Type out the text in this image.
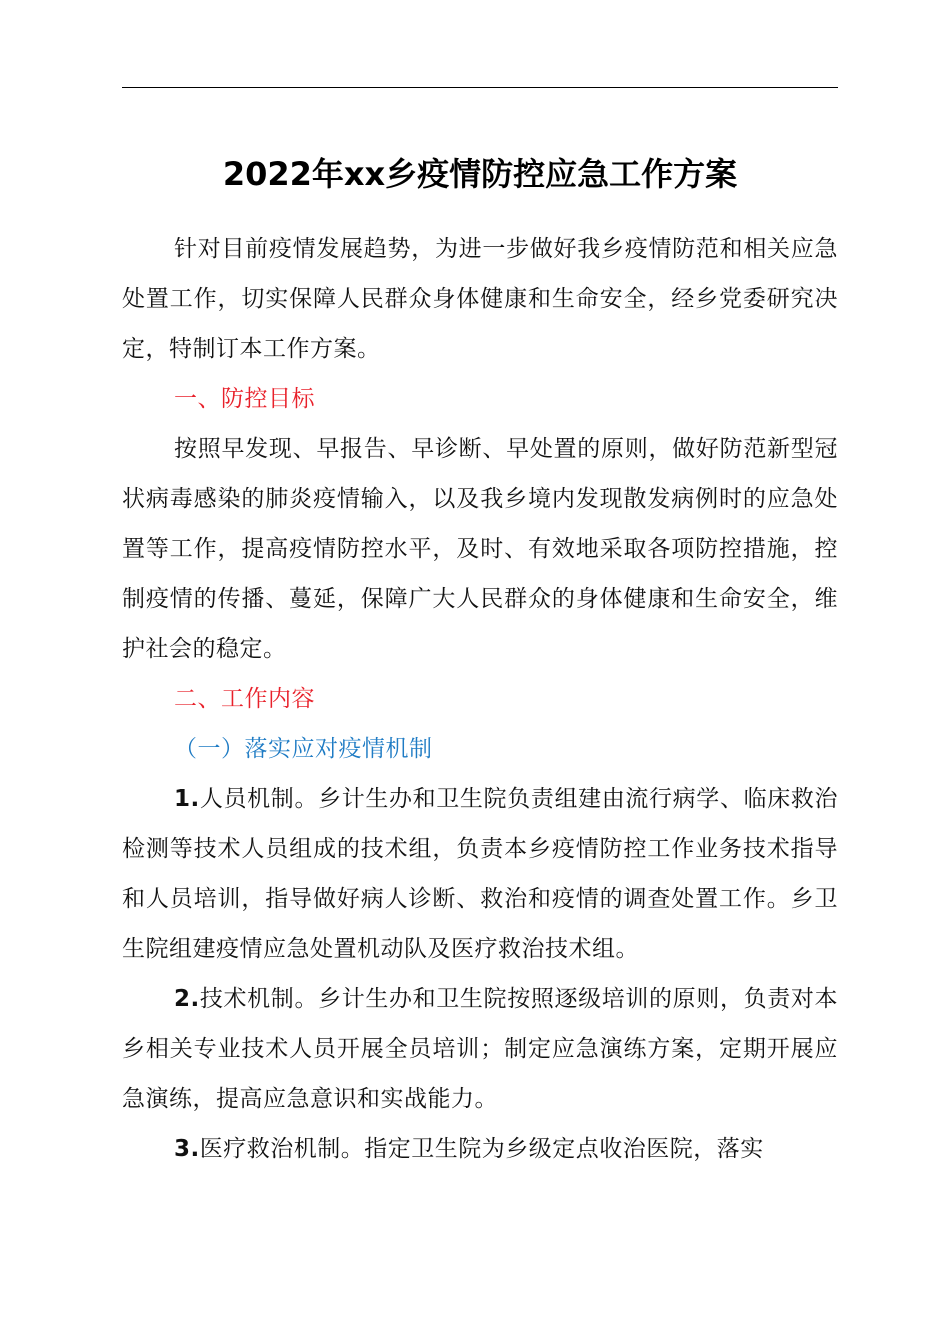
2022年xx乡疫情防控应急工作方案

针对目前疫情发展趋势，为进一步做好我乡疫情防范和相关应急处置工作，切实保障人民群众身体健康和生命安全，经乡党委研究决定，特制订本工作方案。

一、防控目标

按照早发现、早报告、早诊断、早处置的原则，做好防范新型冠状病毒感染的肺炎疫情输入，以及我乡境内发现散发病例时的应急处置等工作，提高疫情防控水平，及时、有效地采取各项防控措施，控制疫情的传播、蔓延，保障广大人民群众的身体健康和生命安全，维护社会的稳定。

二、工作内容

（一）落实应对疫情机制

1.人员机制。乡计生办和卫生院负责组建由流行病学、临床救治检测等技术人员组成的技术组，负责本乡疫情防控工作业务技术指导和人员培训，指导做好病人诊断、救治和疫情的调查处置工作。乡卫生院组建疫情应急处置机动队及医疗救治技术组。

2.技术机制。乡计生办和卫生院按照逐级培训的原则，负责对本乡相关专业技术人员开展全员培训；制定应急演练方案，定期开展应急演练，提高应急意识和实战能力。

3.医疗救治机制。指定卫生院为乡级定点收治医院，落实
